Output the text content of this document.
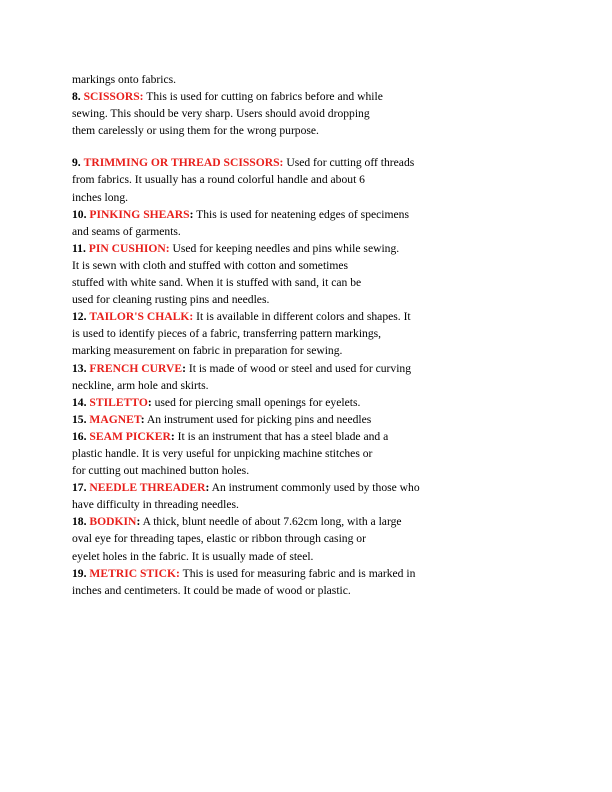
markings onto fabrics.
8. SCISSORS: This is used for cutting on fabrics before and while
sewing. This should be very sharp. Users should avoid dropping
them carelessly or using them for the wrong purpose.
9. TRIMMING OR THREAD SCISSORS: Used for cutting off threads
from fabrics. It usually has a round colorful handle and about 6
inches long.
10. PINKING SHEARS: This is used for neatening edges of specimens
and seams of garments.
11. PIN CUSHION: Used for keeping needles and pins while sewing.
It is sewn with cloth and stuffed with cotton and sometimes
stuffed with white sand. When it is stuffed with sand, it can be
used for cleaning rusting pins and needles.
12. TAILOR'S CHALK: It is available in different colors and shapes. It
is used to identify pieces of a fabric, transferring pattern markings,
marking measurement on fabric in preparation for sewing.
13. FRENCH CURVE: It is made of wood or steel and used for curving
neckline, arm hole and skirts.
14. STILETTO: used for piercing small openings for eyelets.
15. MAGNET: An instrument used for picking pins and needles
16. SEAM PICKER: It is an instrument that has a steel blade and a
plastic handle. It is very useful for unpicking machine stitches or
for cutting out machined button holes.
17. NEEDLE THREADER: An instrument commonly used by those who
have difficulty in threading needles.
18. BODKIN: A thick, blunt needle of about 7.62cm long, with a large
oval eye for threading tapes, elastic or ribbon through casing or
eyelet holes in the fabric. It is usually made of steel.
19. METRIC STICK: This is used for measuring fabric and is marked in
inches and centimeters. It could be made of wood or plastic.
